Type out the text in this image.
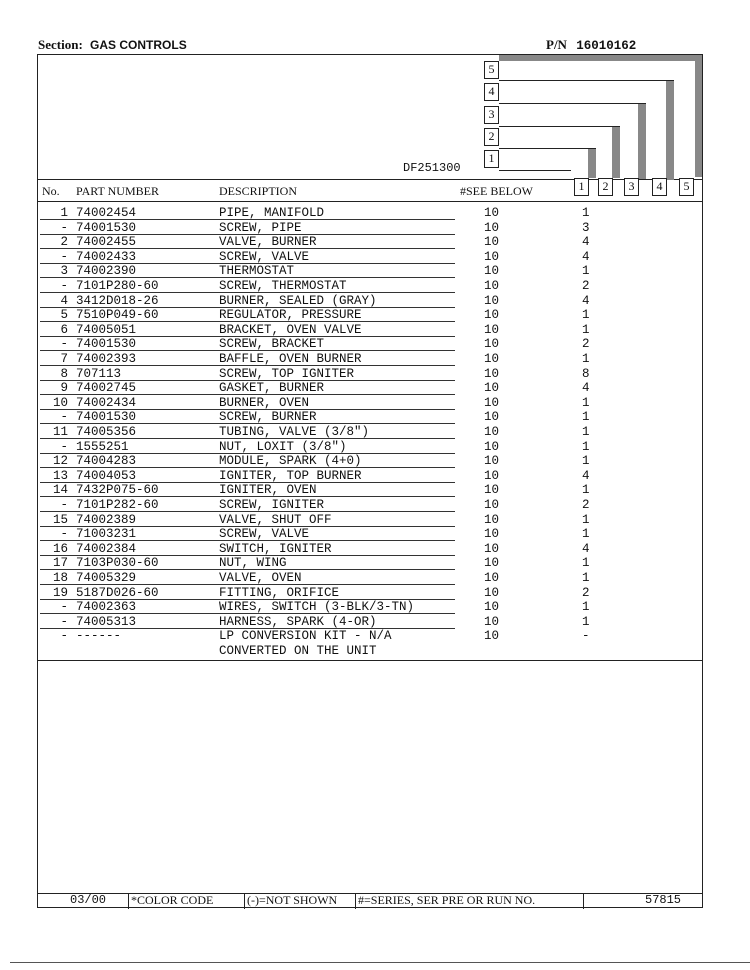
Section: GAS CONTROLS	P/N 16010162
DF251300
5
4
3
2
1
1	2	3	4	5
No. PART NUMBER	DESCRIPTION	#SEE BELOW
1 74002454	PIPE, MANIFOLD	10	1
- 74001530	SCREW, PIPE	10	3
2 74002455	VALVE, BURNER	10	4
- 74002433	SCREW, VALVE	10	4
3 74002390	THERMOSTAT	10	1
- 7101P280-60	SCREW, THERMOSTAT	10	2
4 3412D018-26	BURNER, SEALED (GRAY)	10	4
5 7510P049-60	REGULATOR, PRESSURE	10	1
6 74005051	BRACKET, OVEN VALVE	10	1
- 74001530	SCREW, BRACKET	10	2
7 74002393	BAFFLE, OVEN BURNER	10	1
8 707113	SCREW, TOP IGNITER	10	8
9 74002745	GASKET, BURNER	10	4
10 74002434	BURNER, OVEN	10	1
- 74001530	SCREW, BURNER	10	1
11 74005356	TUBING, VALVE (3/8")	10	1
- 1555251	NUT, LOXIT (3/8")	10	1
12 74004283	MODULE, SPARK (4+0)	10	1
13 74004053	IGNITER, TOP BURNER	10	4
14 7432P075-60	IGNITER, OVEN	10	1
- 7101P282-60	SCREW, IGNITER	10	2
15 74002389	VALVE, SHUT OFF	10	1
- 71003231	SCREW, VALVE	10	1
16 74002384	SWITCH, IGNITER	10	4
17 7103P030-60	NUT, WING	10	1
18 74005329	VALVE, OVEN	10	1
19 5187D026-60	FITTING, ORIFICE	10	2
- 74002363	WIRES, SWITCH (3-BLK/3-TN)	10	1
- 74005313	HARNESS, SPARK (4-OR)	10	1
- ------	LP CONVERSION KIT - N/A	10	-
CONVERTED ON THE UNIT
03/00 *COLOR CODE	(-)=NOT SHOWN #=SERIES, SER PRE OR RUN NO.	57815
